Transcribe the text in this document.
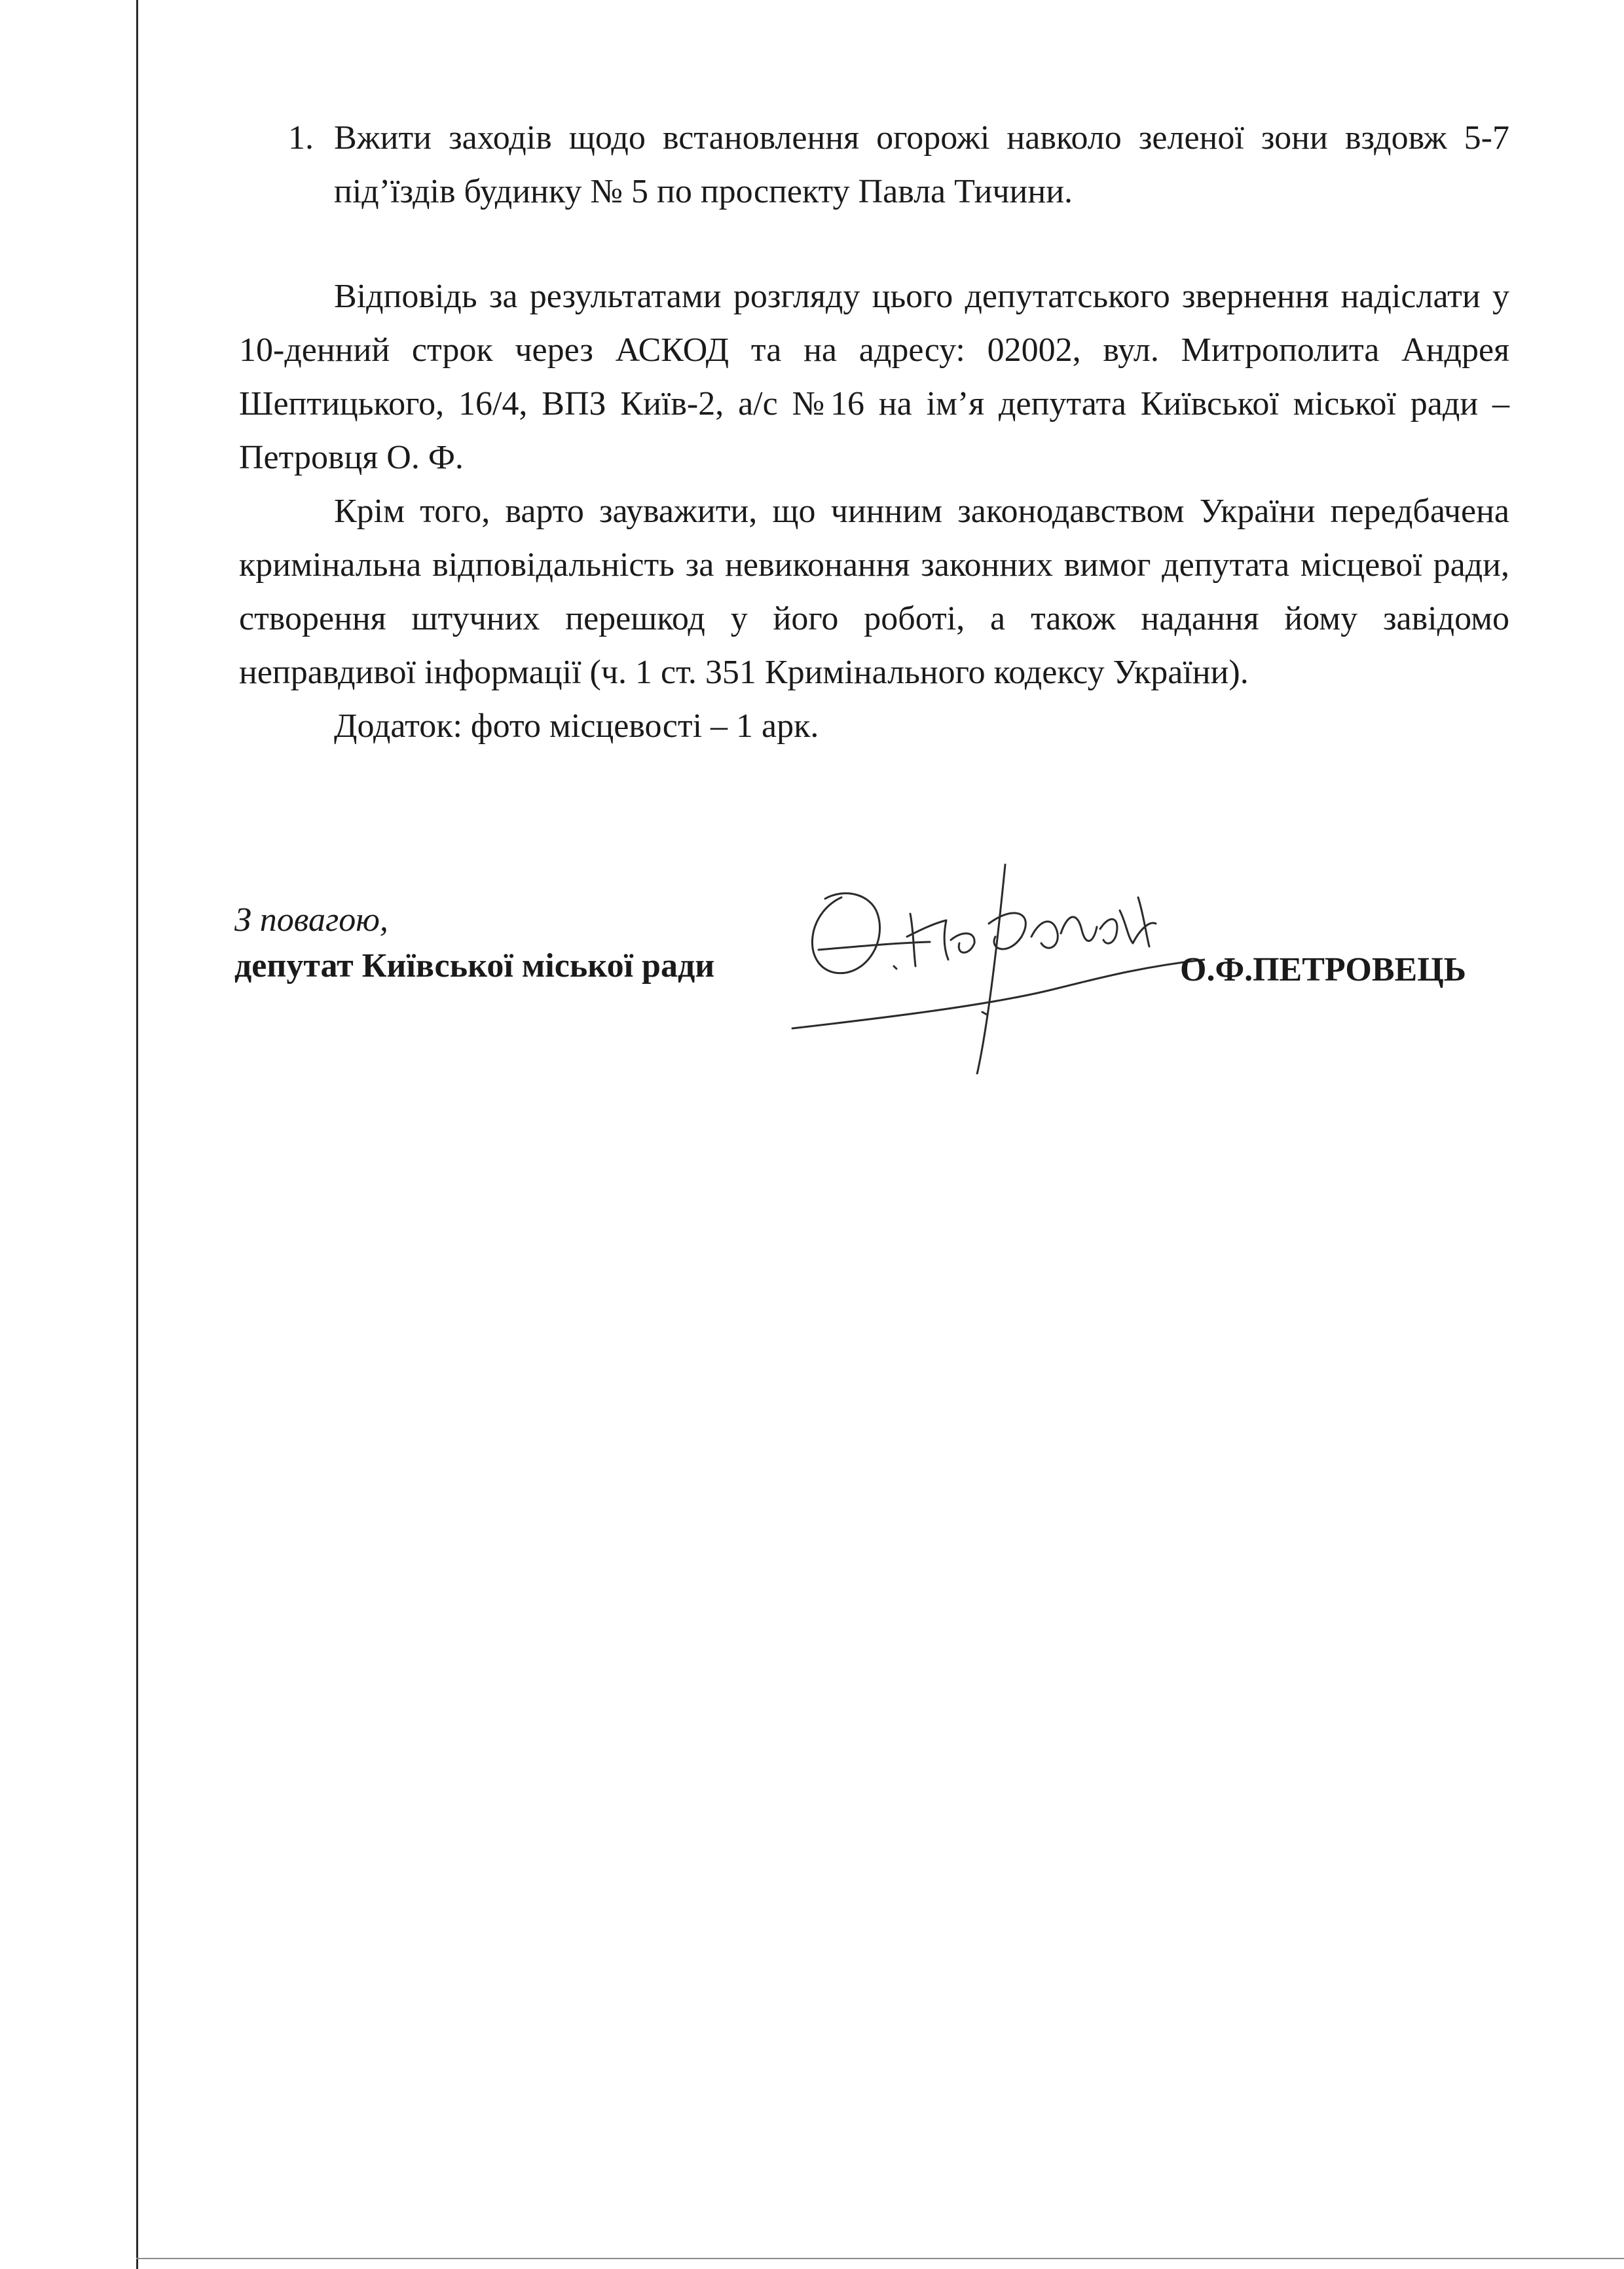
1. Вжити заходів щодо встановлення огорожі навколо зеленої зони вздовж 5-7 під’їздів будинку № 5 по проспекту Павла Тичини.

Відповідь за результатами розгляду цього депутатського звернення надіслати у 10-денний строк через АСКОД та на адресу: 02002, вул. Митрополита Андрея Шептицького, 16/4, ВПЗ Київ-2, а/с №16 на ім’я депутата Київської міської ради – Петровця О. Ф.

Крім того, варто зауважити, що чинним законодавством України передбачена кримінальна відповідальність за невиконання законних вимог депутата місцевої ради, створення штучних перешкод у його роботі, а також надання йому завідомо неправдивої інформації (ч. 1 ст. 351 Кримінального кодексу України).

Додаток: фото місцевості – 1 арк.

З повагою,
депутат Київської міської ради	О.Ф.ПЕТРОВЕЦЬ
